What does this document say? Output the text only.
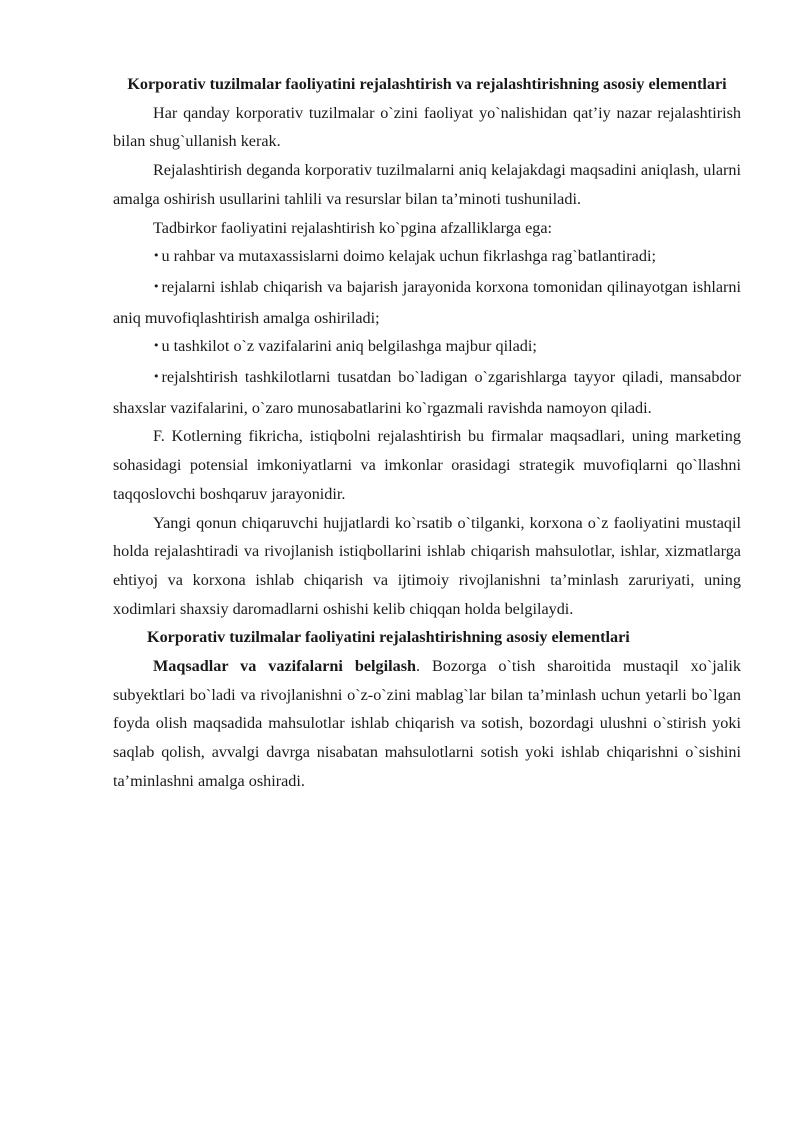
Korporativ tuzilmalar faoliyatini rejalashtirish va rejalashtirishning asosiy elementlari

Har qanday korporativ tuzilmalar o`zini faoliyat yo`nalishidan qat’iy nazar rejalashtirish bilan shug`ullanish kerak.

Rejalashtirish deganda korporativ tuzilmalarni aniq kelajakdagi maqsadini aniqlash, ularni amalga oshirish usullarini tahlili va resurslar bilan ta’minoti tushuniladi.

Tadbirkor faoliyatini rejalashtirish ko`pgina afzalliklarga ega:

• u rahbar va mutaxassislarni doimo kelajak uchun fikrlashga rag`batlantiradi;

• rejalarni ishlab chiqarish va bajarish jarayonida korxona tomonidan qilinayotgan ishlarni aniq muvofiqlashtirish amalga oshiriladi;

• u tashkilot o`z vazifalarini aniq belgilashga majbur qiladi;

• rejalshtirish tashkilotlarni tusatdan bo`ladigan o`zgarishlarga tayyor qiladi, mansabdor shaxslar vazifalarini, o`zaro munosabatlarini ko`rgazmali ravishda namoyon qiladi.

F. Kotlerning fikricha, istiqbolni rejalashtirish bu firmalar maqsadlari, uning marketing sohasidagi potensial imkoniyatlarni va imkonlar orasidagi strategik muvofiqlarni qo`llashni taqqoslovchi boshqaruv jarayonidir.

Yangi qonun chiqaruvchi hujjatlardi ko`rsatib o`tilganki, korxona o`z faoliyatini mustaqil holda rejalashtiradi va rivojlanish istiqbollarini ishlab chiqarish mahsulotlar, ishlar, xizmatlarga ehtiyoj va korxona ishlab chiqarish va ijtimoiy rivojlanishni ta’minlash zaruriyati, uning xodimlari shaxsiy daromadlarni oshishi kelib chiqqan holda belgilaydi.

Korporativ tuzilmalar faoliyatini rejalashtirishning asosiy elementlari

Maqsadlar va vazifalarni belgilash. Bozorga o`tish sharoitida mustaqil xo`jalik subyektlari bo`ladi va rivojlanishni o`z-o`zini mablag`lar bilan ta’minlash uchun yetarli bo`lgan foyda olish maqsadida mahsulotlar ishlab chiqarish va sotish, bozordagi ulushni o`stirish yoki saqlab qolish, avvalgi davrga nisabatan mahsulotlarni sotish yoki ishlab chiqarishni o`sishini ta’minlashni amalga oshiradi.
